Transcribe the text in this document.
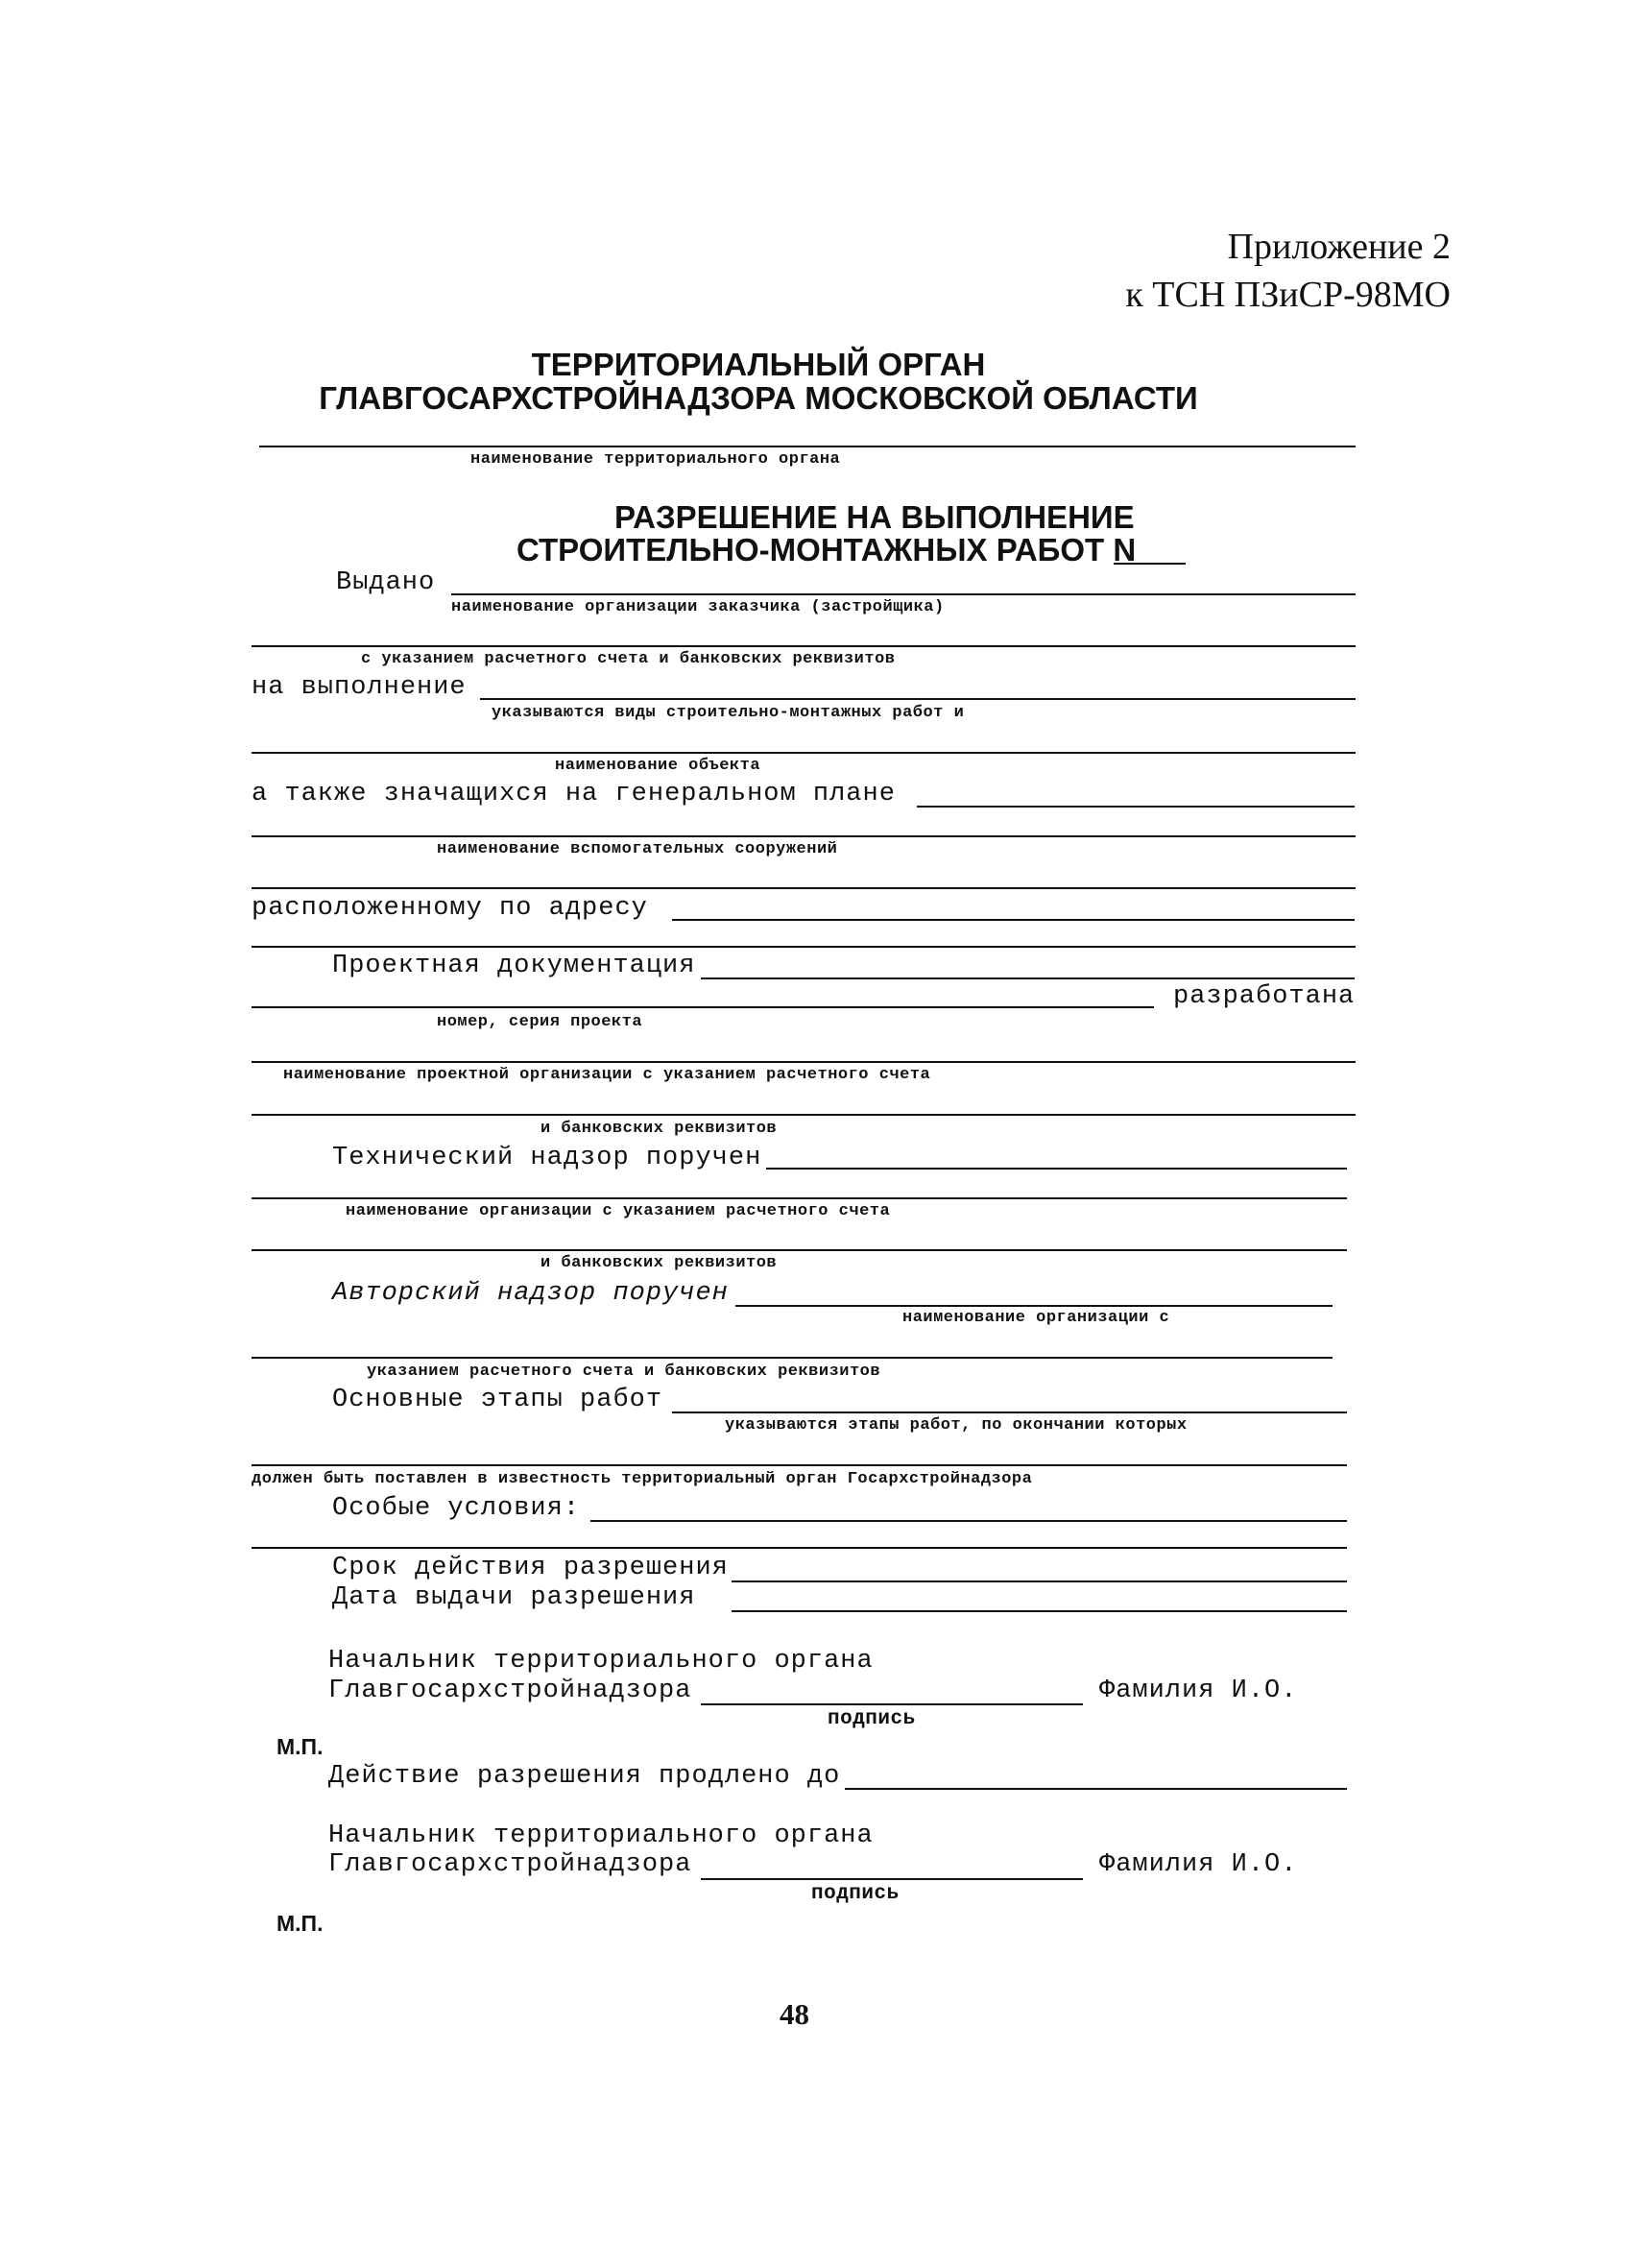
Приложение 2
к ТСН ПЗиСР-98МО
ТЕРРИТОРИАЛЬНЫЙ ОРГАН
ГЛАВГОСАРХСТРОЙНАДЗОРА МОСКОВСКОЙ ОБЛАСТИ
наименование территориального органа
РАЗРЕШЕНИЕ НА ВЫПОЛНЕНИЕ
СТРОИТЕЛЬНО-МОНТАЖНЫХ РАБОТ N
Выдано
наименование организации заказчика (застройщика)
с указанием расчетного счета и банковских реквизитов
на выполнение
указываются виды строительно-монтажных работ и
наименование объекта
а также значащихся на генеральном плане
наименование вспомогательных сооружений
расположенному по адресу
Проектная документация
разработана
номер, серия проекта
наименование проектной организации с указанием расчетного счета
и банковских реквизитов
Технический надзор поручен
наименование организации с указанием расчетного счета
и банковских реквизитов
Авторский надзор поручен
наименование организации с
указанием расчетного счета и банковских реквизитов
Основные этапы работ
указываются этапы работ, по окончании которых
должен быть поставлен в известность территориальный орган Госархстройнадзора
Особые условия:
Срок действия разрешения
Дата выдачи разрешения
Начальник территориального органа
Главгосархстройнадзора	Фамилия И.О.
подпись
М.П.
Действие разрешения продлено до
Начальник территориального органа
Главгосархстройнадзора	Фамилия И.О.
подпись
М.П.
48
